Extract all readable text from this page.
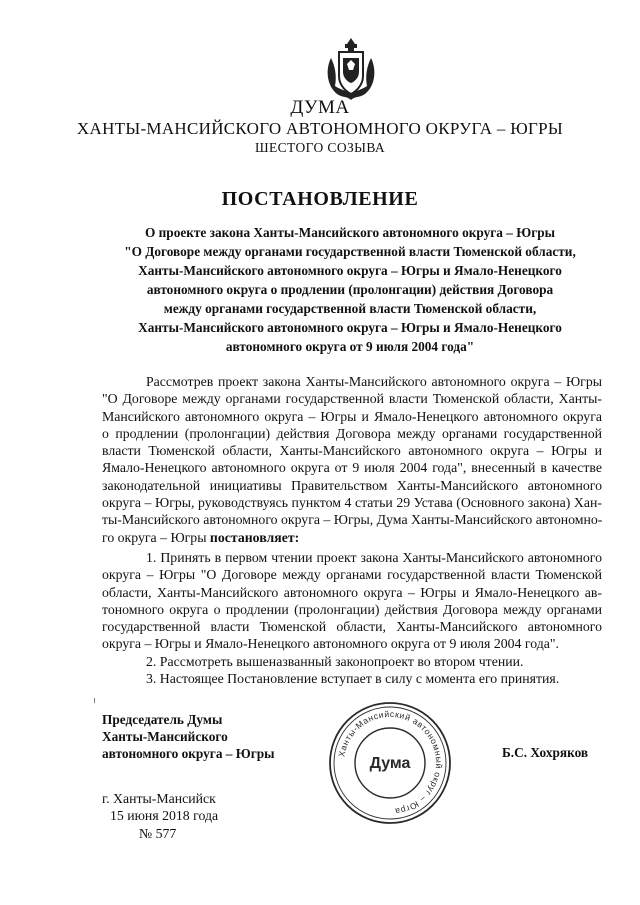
ДУМА
ХАНТЫ-МАНСИЙСКОГО АВТОНОМНОГО ОКРУГА – ЮГРЫ
ШЕСТОГО СОЗЫВА
ПОСТАНОВЛЕНИЕ
О проекте закона Ханты-Мансийского автономного округа – Югры
"О Договоре между органами государственной власти Тюменской области,
Ханты-Мансийского автономного округа – Югры и Ямало-Ненецкого
автономного округа о продлении (пролонгации) действия Договора
между органами государственной власти Тюменской области,
Ханты-Мансийского автономного округа – Югры и Ямало-Ненецкого
автономного округа от 9 июля 2004 года"
Рассмотрев проект закона Ханты-Мансийского автономного округа – Югры
"О Договоре между органами государственной власти Тюменской области, Ханты-
Мансийского автономного округа – Югры и Ямало-Ненецкого автономного округа
о продлении (пролонгации) действия Договора между органами государственной
власти Тюменской области, Ханты-Мансийского автономного округа – Югры и
Ямало-Ненецкого автономного округа от 9 июля 2004 года", внесенный в качестве
законодательной инициативы Правительством Ханты-Мансийского автономного
округа – Югры, руководствуясь пунктом 4 статьи 29 Устава (Основного закона) Хан-
ты-Мансийского автономного округа – Югры, Дума Ханты-Мансийского автономно-
го округа – Югры постановляет:
1. Принять в первом чтении проект закона Ханты-Мансийского автономного
округа – Югры "О Договоре между органами государственной власти Тюменской
области, Ханты-Мансийского автономного округа – Югры и Ямало-Ненецкого ав-
тономного округа о продлении (пролонгации) действия Договора между органами
государственной власти Тюменской области, Ханты-Мансийского автономного
округа – Югры и Ямало-Ненецкого автономного округа от 9 июля 2004 года".
2. Рассмотреть вышеназванный законопроект во втором чтении.
3. Настоящее Постановление вступает в силу с момента его принятия.
Председатель Думы
Ханты-Мансийского
автономного округа – Югры	Ханты-Мансийский автономный округ – Югра
Дума
Б.С. Хохряков
г. Ханты-Мансийск
15 июня 2018 года
№ 577
